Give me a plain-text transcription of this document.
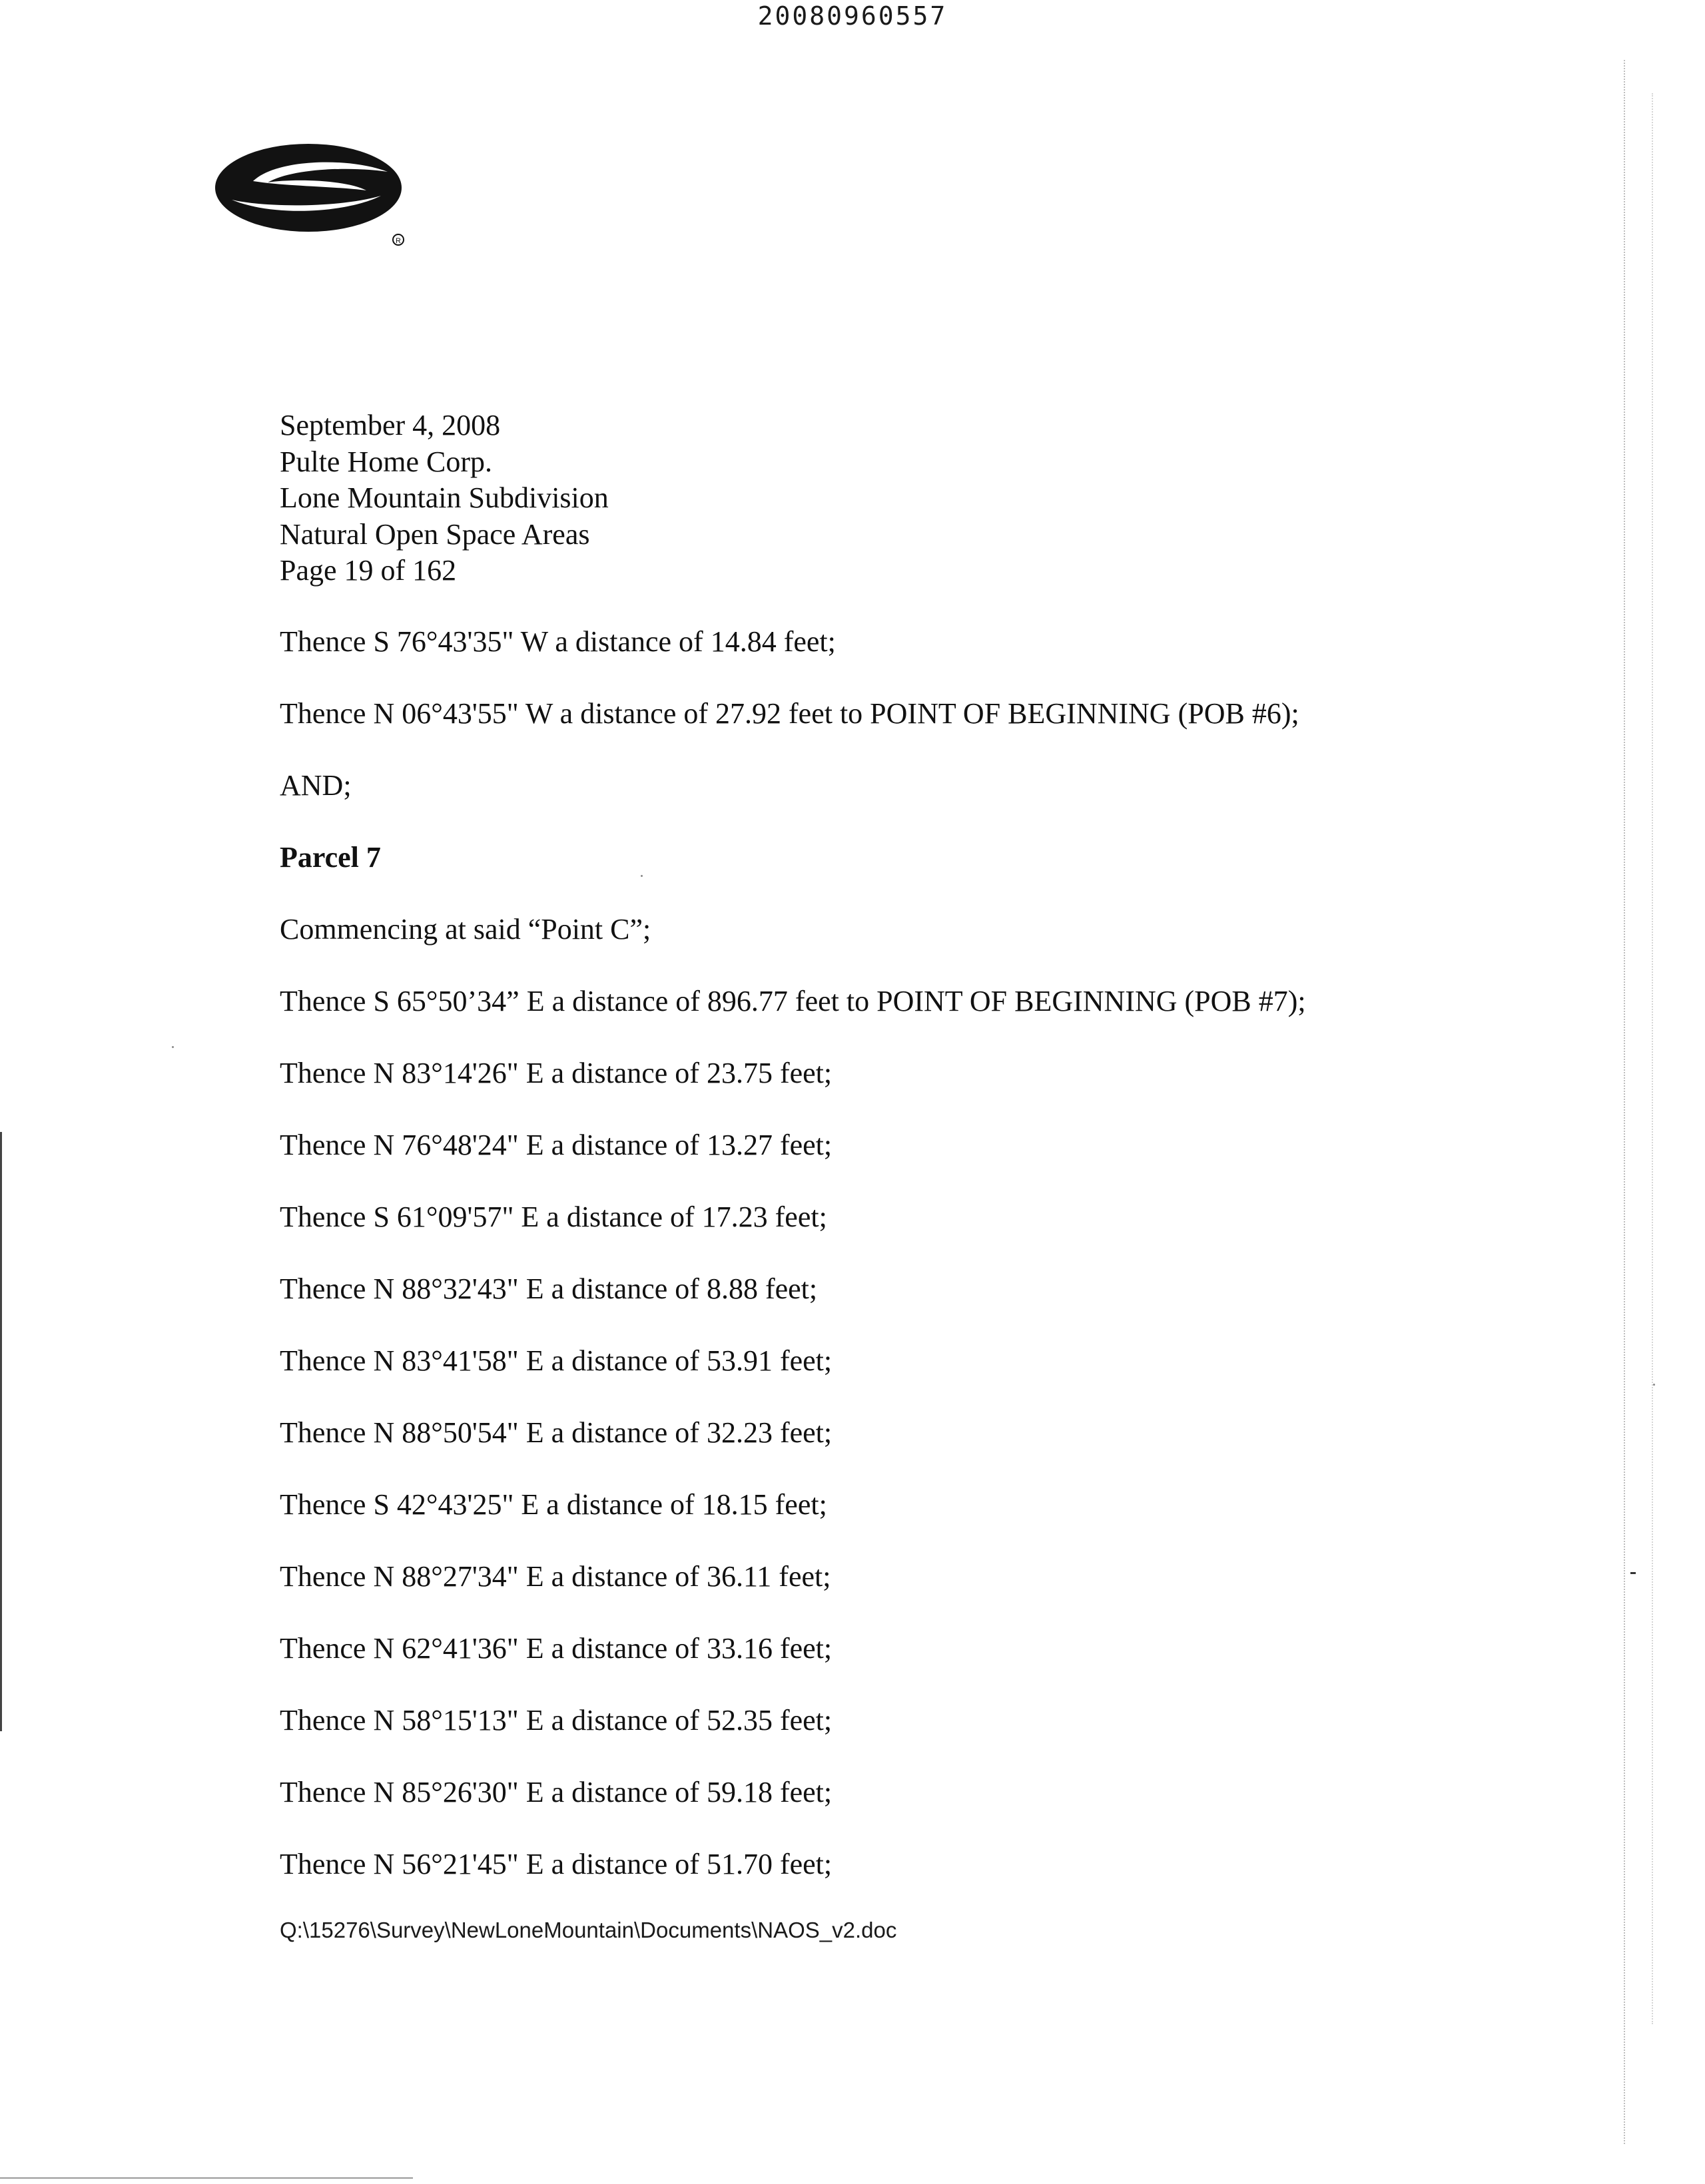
20080960557
R
September 4, 2008
Pulte Home Corp.
Lone Mountain Subdivision
Natural Open Space Areas
Page 19 of 162
Thence S 76°43'35" W a distance of 14.84 feet;
Thence N 06°43'55" W a distance of 27.92 feet to POINT OF BEGINNING (POB #6);
AND;
Parcel 7
Commencing at said “Point C”;
Thence S 65°50’34” E a distance of 896.77 feet to POINT OF BEGINNING (POB #7);
Thence N 83°14'26" E a distance of 23.75 feet;
Thence N 76°48'24" E a distance of 13.27 feet;
Thence S 61°09'57" E a distance of 17.23 feet;
Thence N 88°32'43" E a distance of 8.88 feet;
Thence N 83°41'58" E a distance of 53.91 feet;
Thence N 88°50'54" E a distance of 32.23 feet;
Thence S 42°43'25" E a distance of 18.15 feet;
Thence N 88°27'34" E a distance of 36.11 feet;
Thence N 62°41'36" E a distance of 33.16 feet;
Thence N 58°15'13" E a distance of 52.35 feet;
Thence N 85°26'30" E a distance of 59.18 feet;
Thence N 56°21'45" E a distance of 51.70 feet;
Q:\15276\Survey\NewLoneMountain\Documents\NAOS_v2.doc
